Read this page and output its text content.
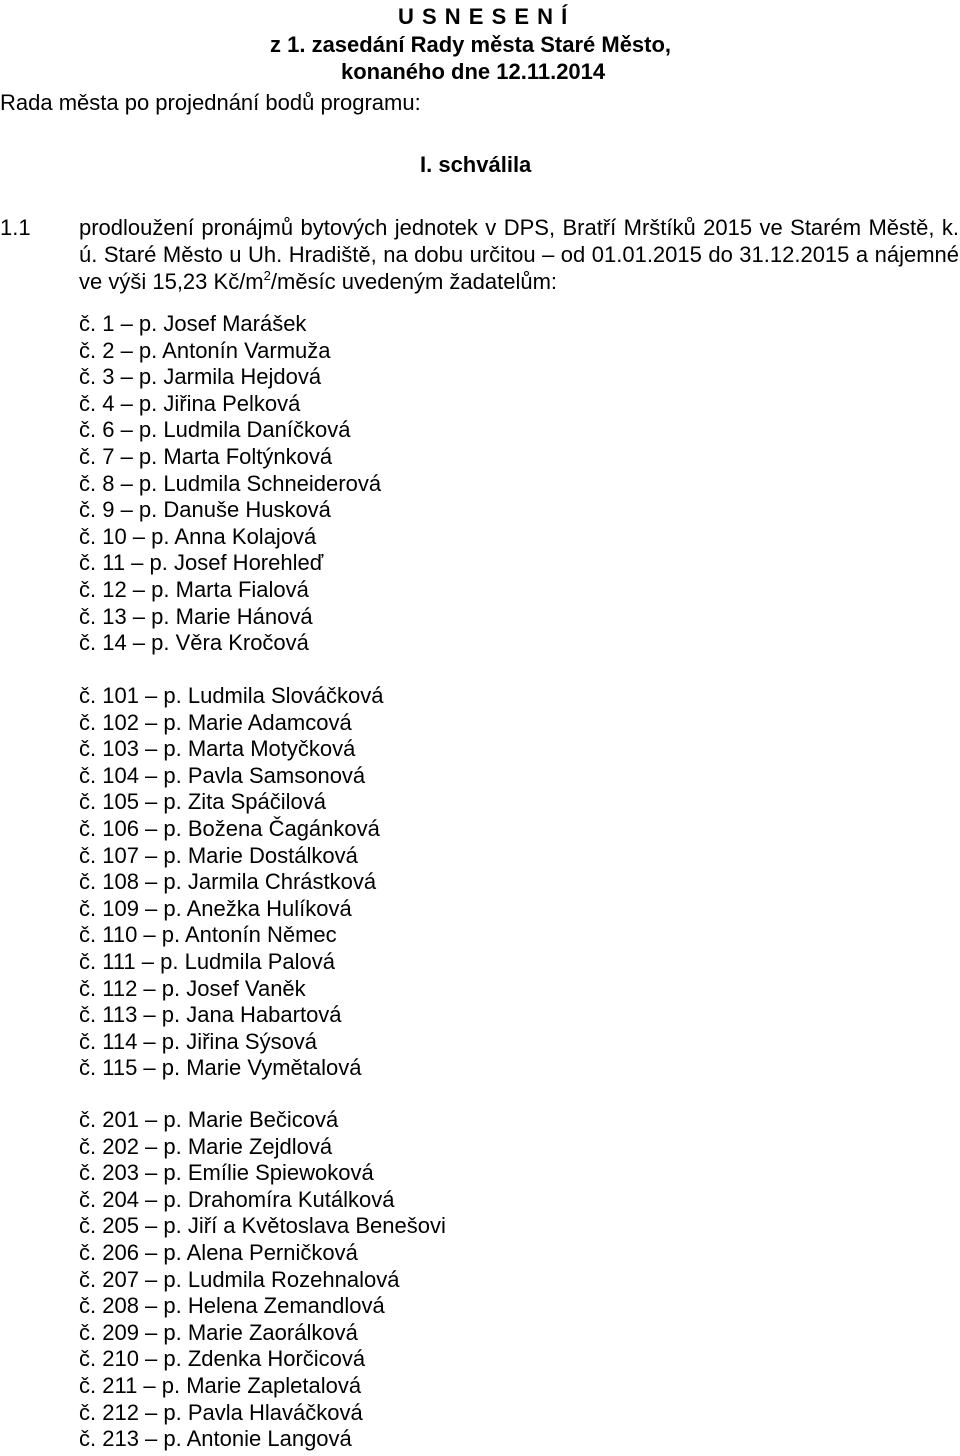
U S N E S E N Í
z 1. zasedání Rady města Staré Město,
konaného dne 12.11.2014
Rada města po projednání bodů programu:
I. schválila
1.1 prodloužení pronájmů bytových jednotek v DPS, Bratří Mrštíků 2015 ve Starém Městě, k. ú. Staré Město u Uh. Hradiště, na dobu určitou – od 01.01.2015 do 31.12.2015 a nájemné ve výši 15,23 $Kč/m^2$/měsíc uvedeným žadatelům:
č. 1 – p. Josef Marášek
č. 2 – p. Antonín Varmuža
č. 3 – p. Jarmila Hejdová
č. 4 – p. Jiřina Pelková
č. 6 – p. Ludmila Daníčková
č. 7 – p. Marta Foltýnková
č. 8 – p. Ludmila Schneiderová
č. 9 – p. Danuše Husková
č. 10 – p. Anna Kolajová
č. 11 – p. Josef Horehleď
č. 12 – p. Marta Fialová
č. 13 – p. Marie Hánová
č. 14 – p. Věra Kročová
č. 101 – p. Ludmila Slováčková
č. 102 – p. Marie Adamcová
č. 103 – p. Marta Motyčková
č. 104 – p. Pavla Samsonová
č. 105 – p. Zita Spáčilová
č. 106 – p. Božena Čagánková
č. 107 – p. Marie Dostálková
č. 108 – p. Jarmila Chrástková
č. 109 – p. Anežka Hulíková
č. 110 – p. Antonín Němec
č. 111 – p. Ludmila Palová
č. 112 – p. Josef Vaněk
č. 113 – p. Jana Habartová
č. 114 – p. Jiřina Sýsová
č. 115 – p. Marie Vymětalová
č. 201 – p. Marie Bečicová
č. 202 – p. Marie Zejdlová
č. 203 – p. Emílie Spiewoková
č. 204 – p. Drahomíra Kutálková
č. 205 – p. Jiří a Květoslava Benešovi
č. 206 – p. Alena Perničková
č. 207 – p. Ludmila Rozehnalová
č. 208 – p. Helena Zemandlová
č. 209 – p. Marie Zaorálková
č. 210 – p. Zdenka Horčicová
č. 211 – p. Marie Zapletalová
č. 212 – p. Pavla Hlaváčková
č. 213 – p. Antonie Langová
